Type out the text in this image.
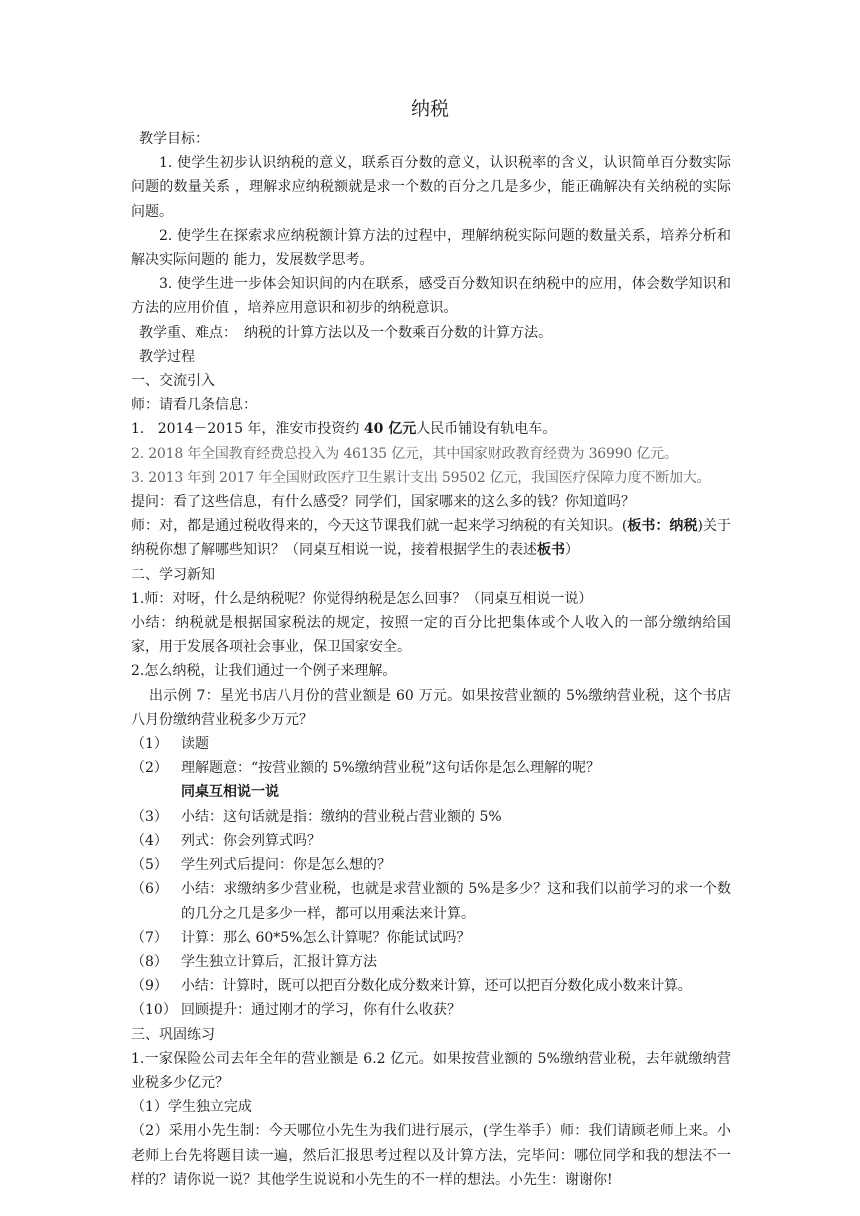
纳税

教学目标：

1. 使学生初步认识纳税的意义，联系百分数的意义，认识税率的含义，认识简单百分数实际问题的数量关系 ，理解求应纳税额就是求一个数的百分之几是多少，能正确解决有关纳税的实际问题。

2. 使学生在探索求应纳税额计算方法的过程中，理解纳税实际问题的数量关系，培养分析和解决实际问题的 能力，发展数学思考。

3. 使学生进一步体会知识间的内在联系，感受百分数知识在纳税中的应用，体会数学知识和方法的应用价值 ，培养应用意识和初步的纳税意识。

教学重、难点：　纳税的计算方法以及一个数乘百分数的计算方法。

教学过程

一、交流引入

师：请看几条信息：

1. 2014－2015 年，淮安市投资约 40 亿元人民币铺设有轨电车。

2. 2018 年全国教育经费总投入为 46135 亿元，其中国家财政教育经费为 36990 亿元。

3. 2013 年到 2017 年全国财政医疗卫生累计支出 59502 亿元，我国医疗保障力度不断加大。

提问：看了这些信息，有什么感受？同学们，国家哪来的这么多的钱？你知道吗？

师：对，都是通过税收得来的，今天这节课我们就一起来学习纳税的有关知识。(板书：纳税)关于纳税你想了解哪些知识？（同桌互相说一说，接着根据学生的表述板书）

二、学习新知

1.师：对呀，什么是纳税呢？你觉得纳税是怎么回事？（同桌互相说一说）

小结：纳税就是根据国家税法的规定，按照一定的百分比把集体或个人收入的一部分缴纳给国家，用于发展各项社会事业，保卫国家安全。

2.怎么纳税，让我们通过一个例子来理解。

出示例 7：星光书店八月份的营业额是 60 万元。如果按营业额的 5%缴纳营业税，这个书店八月份缴纳营业税多少万元？

（1） 读题
（2） 理解题意：“按营业额的 5%缴纳营业税”这句话你是怎么理解的呢？
同桌互相说一说
（3） 小结：这句话就是指：缴纳的营业税占营业额的 5%
（4） 列式：你会列算式吗？
（5） 学生列式后提问：你是怎么想的？
（6） 小结：求缴纳多少营业税，也就是求营业额的 5%是多少？这和我们以前学习的求一个数的几分之几是多少一样，都可以用乘法来计算。
（7） 计算：那么 60*5%怎么计算呢？你能试试吗？
（8） 学生独立计算后，汇报计算方法
（9） 小结：计算时，既可以把百分数化成分数来计算，还可以把百分数化成小数来计算。
（10） 回顾提升：通过刚才的学习，你有什么收获？

三、巩固练习

1.一家保险公司去年全年的营业额是 6.2 亿元。如果按营业额的 5%缴纳营业税，去年就缴纳营业税多少亿元？

（1）学生独立完成

（2）采用小先生制：今天哪位小先生为我们进行展示，(学生举手）师：我们请顾老师上来。小老师上台先将题目读一遍，然后汇报思考过程以及计算方法，完毕问：哪位同学和我的想法不一样的？请你说一说？其他学生说说和小先生的不一样的想法。小先生：谢谢你!
